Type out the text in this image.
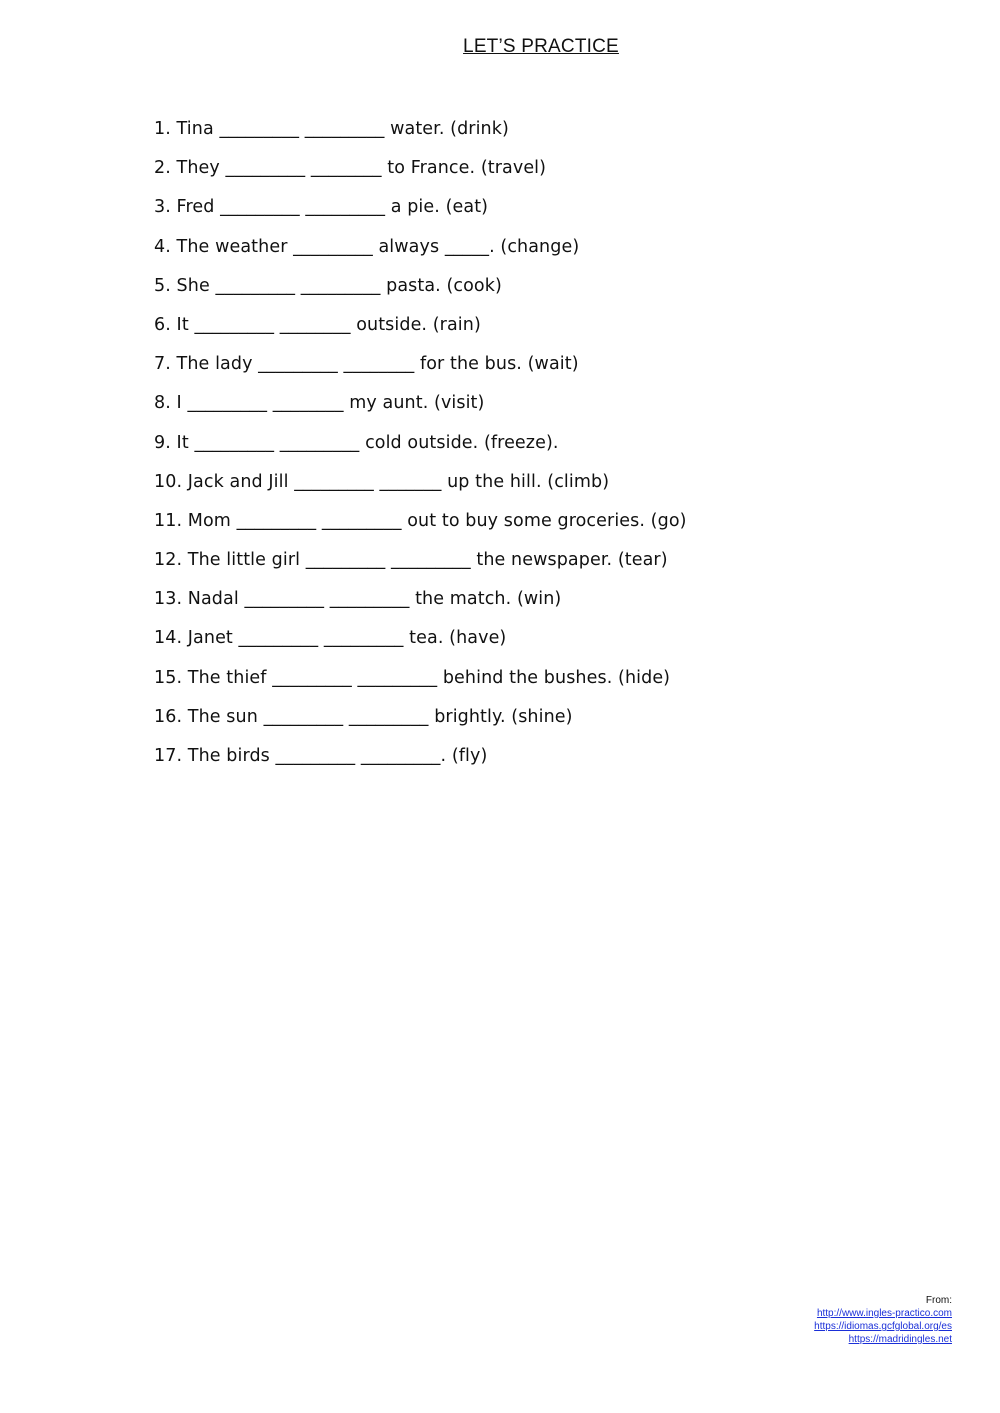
LET’S PRACTICE
1. Tina _________ _________ water. (drink)
2. They _________ ________ to France. (travel)
3. Fred _________ _________ a pie. (eat)
4. The weather _________ always _____. (change)
5. She _________ _________ pasta. (cook)
6. It _________ ________ outside. (rain)
7. The lady _________ ________ for the bus. (wait)
8. I _________ ________ my aunt. (visit)
9. It _________ _________ cold outside. (freeze).
10. Jack and Jill _________ _______ up the hill. (climb)
11. Mom _________ _________ out to buy some groceries. (go)
12. The little girl _________ _________ the newspaper. (tear)
13. Nadal _________ _________ the match. (win)
14. Janet _________ _________ tea. (have)
15. The thief _________ _________ behind the bushes. (hide)
16. The sun _________ _________ brightly. (shine)
17. The birds _________ _________. (fly)
From:
http://www.ingles-practico.com
https://idiomas.gcfglobal.org/es
https://madridingles.net
